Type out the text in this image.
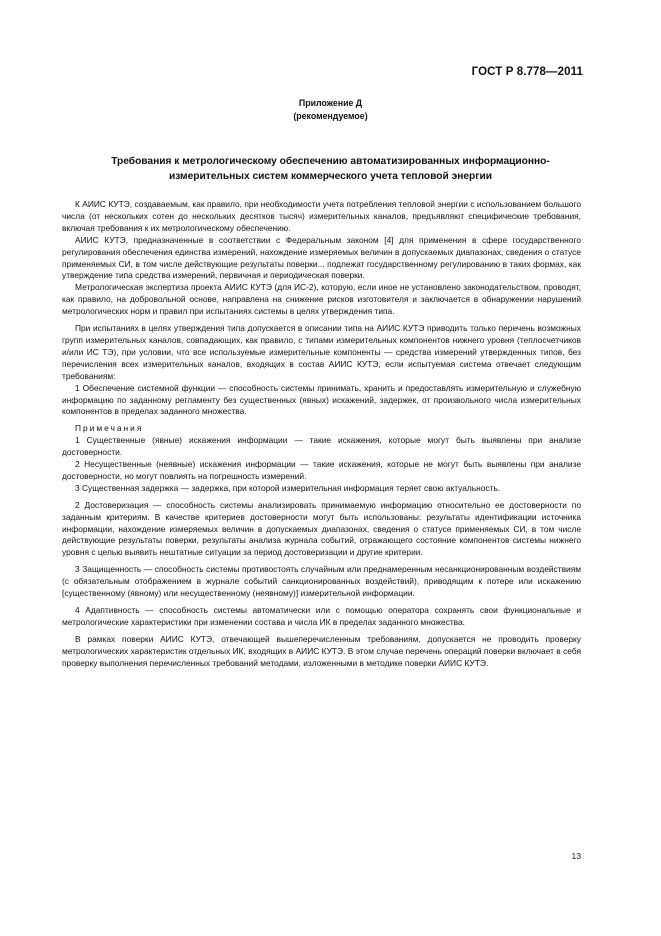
ГОСТ Р 8.778—2011
Приложение Д
(рекомендуемое)
Требования к метрологическому обеспечению автоматизированных информационно-
измерительных систем коммерческого учета тепловой энергии

К АИИС КУТЭ, создаваемым, как правило, при необходимости учета потребления тепловой энергии с использованием большого числа (от нескольких сотен до нескольких десятков тысяч) измерительных каналов, предъявляют специфические требования, включая требования к их метрологическому обеспечению.

АИИС КУТЭ, предназначенные в соответствии с Федеральным законом [4] для применения в сфере государственного регулирования обеспечения единства измерений, нахождение измеряемых величин в допускаемых диапазонах, сведения о статусе применяемых СИ, в том числе действующие результаты поверки... подлежат государственному регулированию в таких формах, как утверждение типа средства измерений, первичная и периодическая поверки.

Метрологическая экспертиза проекта АИИС КУТЭ (для ИС-2), которую, если иное не установлено законодательством, проводят, как правило, на добровольной основе, направлена на снижение рисков изготовителя и заключается в обнаружении нарушений метрологических норм и правил при испытаниях системы в целях утверждения типа.

При испытаниях в целях утверждения типа допускается в описании типа на АИИС КУТЭ приводить только перечень возможных групп измерительных каналов, совпадающих, как правило, с типами измерительных компонентов нижнего уровня (теплосчетчиков и/или ИС ТЭ), при условии, что все используемые измерительные компоненты — средства измерений утвержденных типов, без перечисления всех измерительных каналов, входящих в состав АИИС КУТЭ, если испытуемая система отвечает следующим требованиям:

1 Обеспечение системной функции — способность системы принимать, хранить и предоставлять измерительную и служебную информацию по заданному регламенту без существенных (явных) искажений, задержек, от произвольного числа измерительных компонентов в пределах заданного множества.

Примечания

1 Существенные (явные) искажения информации — такие искажения, которые могут быть выявлены при анализе достоверности.

2 Несущественные (неявные) искажения информации — такие искажения, которые не могут быть выявлены при анализе достоверности, но могут повлиять на погрешность измерений.

3 Существенная задержка — задержка, при которой измерительная информация теряет свою актуальность.

2 Достоверизация — способность системы анализировать принимаемую информацию относительно ее достоверности по заданным критериям. В качестве критериев достоверности могут быть использованы: результаты идентификации источника информации, нахождение измеряемых величин в допускаемых диапазонах, сведения о статусе применяемых СИ, в том числе действующие результаты поверки, результаты анализа журнала событий, отражающего состояние компонентов системы нижнего уровня с целью выявить нештатные ситуации за период достоверизации и другие критерии.

3 Защищенность — способность системы противостоять случайным или преднамеренным несанкционированным воздействиям (с обязательным отображением в журнале событий санкционированных воздействий), приводящим к потере или искажению [существенному (явному) или несущественному (неявному)] измерительной информации.

4 Адаптивность — способность системы автоматически или с помощью оператора сохранять свои функциональные и метрологические характеристики при изменении состава и числа ИК в пределах заданного множества.

В рамках поверки АИИС КУТЭ, отвечающей вышеперечисленным требованиям, допускается не проводить проверку метрологических характеристик отдельных ИК, входящих в АИИС КУТЭ. В этом случае перечень операций поверки включает в себя проверку выполнения перечисленных требований методами, изложенными в методике поверки АИИС КУТЭ.

13
